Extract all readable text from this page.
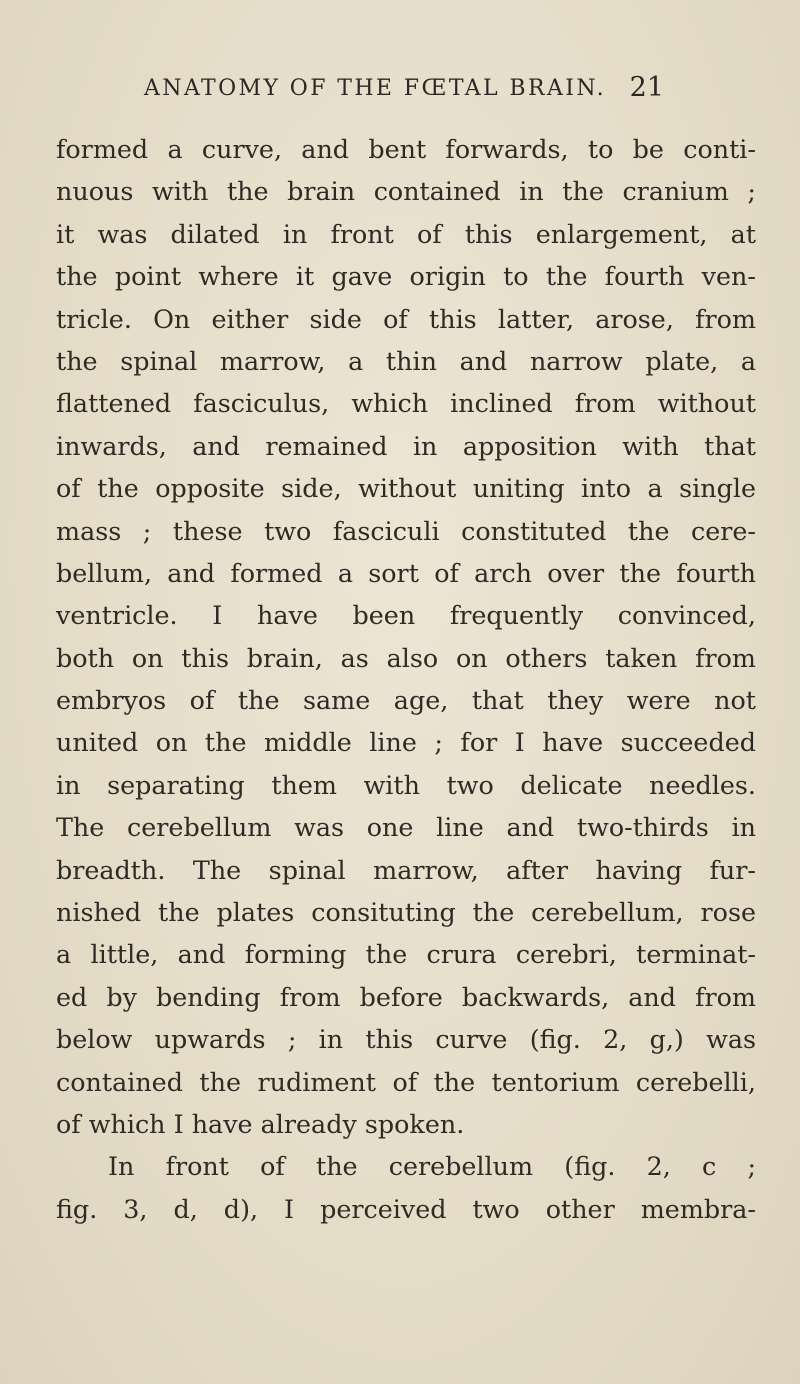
ANATOMY OF THE FŒTAL BRAIN. 21
formed a curve, and bent forwards, to be conti-
nuous with the brain contained in the cranium ;
it was dilated in front of this enlargement, at
the point where it gave origin to the fourth ven-
tricle. On either side of this latter, arose, from
the spinal marrow, a thin and narrow plate, a
flattened fasciculus, which inclined from without
inwards, and remained in apposition with that
of the opposite side, without uniting into a single
mass ; these two fasciculi constituted the cere-
bellum, and formed a sort of arch over the fourth
ventricle. I have been frequently convinced,
both on this brain, as also on others taken from
embryos of the same age, that they were not
united on the middle line ; for I have succeeded
in separating them with two delicate needles.
The cerebellum was one line and two-thirds in
breadth. The spinal marrow, after having fur-
nished the plates consituting the cerebellum, rose
a little, and forming the crura cerebri, terminat-
ed by bending from before backwards, and from
below upwards ; in this curve (fig. 2, g,) was
contained the rudiment of the tentorium cerebelli,
of which I have already spoken.
In front of the cerebellum (fig. 2, c ;
fig. 3, d, d), I perceived two other membra-
